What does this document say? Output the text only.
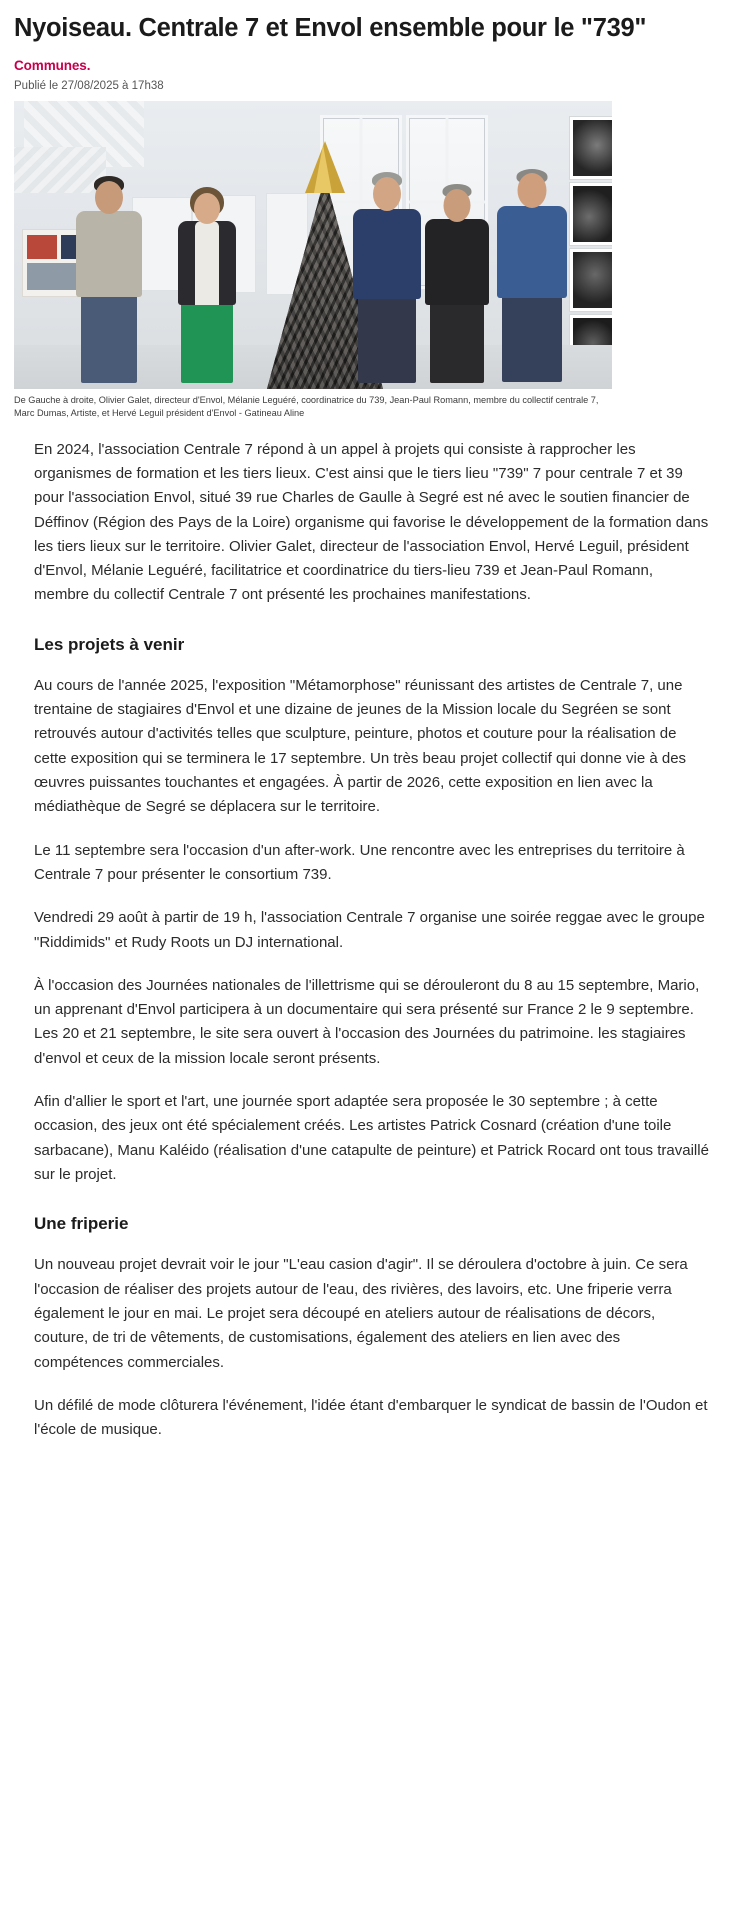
Nyoiseau. Centrale 7 et Envol ensemble pour le "739"
Communes.
Publié le 27/08/2025 à 17h38
De Gauche à droite, Olivier Galet, directeur d'Envol, Mélanie Leguéré, coordinatrice du 739, Jean-Paul Romann, membre du collectif centrale 7, Marc Dumas, Artiste, et Hervé Leguil président d'Envol - Gatineau Aline

En 2024, l'association Centrale 7 répond à un appel à projets qui consiste à rapprocher les organismes de formation et les tiers lieux. C'est ainsi que le tiers lieu "739" 7 pour centrale 7 et 39 pour l'association Envol, situé 39 rue Charles de Gaulle à Segré est né avec le soutien financier de Déffinov (Région des Pays de la Loire) organisme qui favorise le développement de la formation dans les tiers lieux sur le territoire. Olivier Galet, directeur de l'association Envol, Hervé Leguil, président d'Envol, Mélanie Leguéré, facilitatrice et coordinatrice du tiers-lieu 739 et Jean-Paul Romann, membre du collectif Centrale 7 ont présenté les prochaines manifestations.

Les projets à venir

Au cours de l'année 2025, l'exposition "Métamorphose" réunissant des artistes de Centrale 7, une trentaine de stagiaires d'Envol et une dizaine de jeunes de la Mission locale du Segréen se sont retrouvés autour d'activités telles que sculpture, peinture, photos et couture pour la réalisation de cette exposition qui se terminera le 17 septembre. Un très beau projet collectif qui donne vie à des œuvres puissantes touchantes et engagées. À partir de 2026, cette exposition en lien avec la médiathèque de Segré se déplacera sur le territoire.

Le 11 septembre sera l'occasion d'un after-work. Une rencontre avec les entreprises du territoire à Centrale 7 pour présenter le consortium 739.

Vendredi 29 août à partir de 19 h, l'association Centrale 7 organise une soirée reggae avec le groupe "Riddimids" et Rudy Roots un DJ international.

À l'occasion des Journées nationales de l'illettrisme qui se dérouleront du 8 au 15 septembre, Mario, un apprenant d'Envol participera à un documentaire qui sera présenté sur France 2 le 9 septembre. Les 20 et 21 septembre, le site sera ouvert à l'occasion des Journées du patrimoine. les stagiaires d'envol et ceux de la mission locale seront présents.

Afin d'allier le sport et l'art, une journée sport adaptée sera proposée le 30 septembre ; à cette occasion, des jeux ont été spécialement créés. Les artistes Patrick Cosnard (création d'une toile sarbacane), Manu Kaléido (réalisation d'une catapulte de peinture) et Patrick Rocard ont tous travaillé sur le projet.

Une friperie

Un nouveau projet devrait voir le jour "L'eau casion d'agir". Il se déroulera d'octobre à juin. Ce sera l'occasion de réaliser des projets autour de l'eau, des rivières, des lavoirs, etc. Une friperie verra également le jour en mai. Le projet sera découpé en ateliers autour de réalisations de décors, couture, de tri de vêtements, de customisations, également des ateliers en lien avec des compétences commerciales.

Un défilé de mode clôturera l'événement, l'idée étant d'embarquer le syndicat de bassin de l'Oudon et l'école de musique.
